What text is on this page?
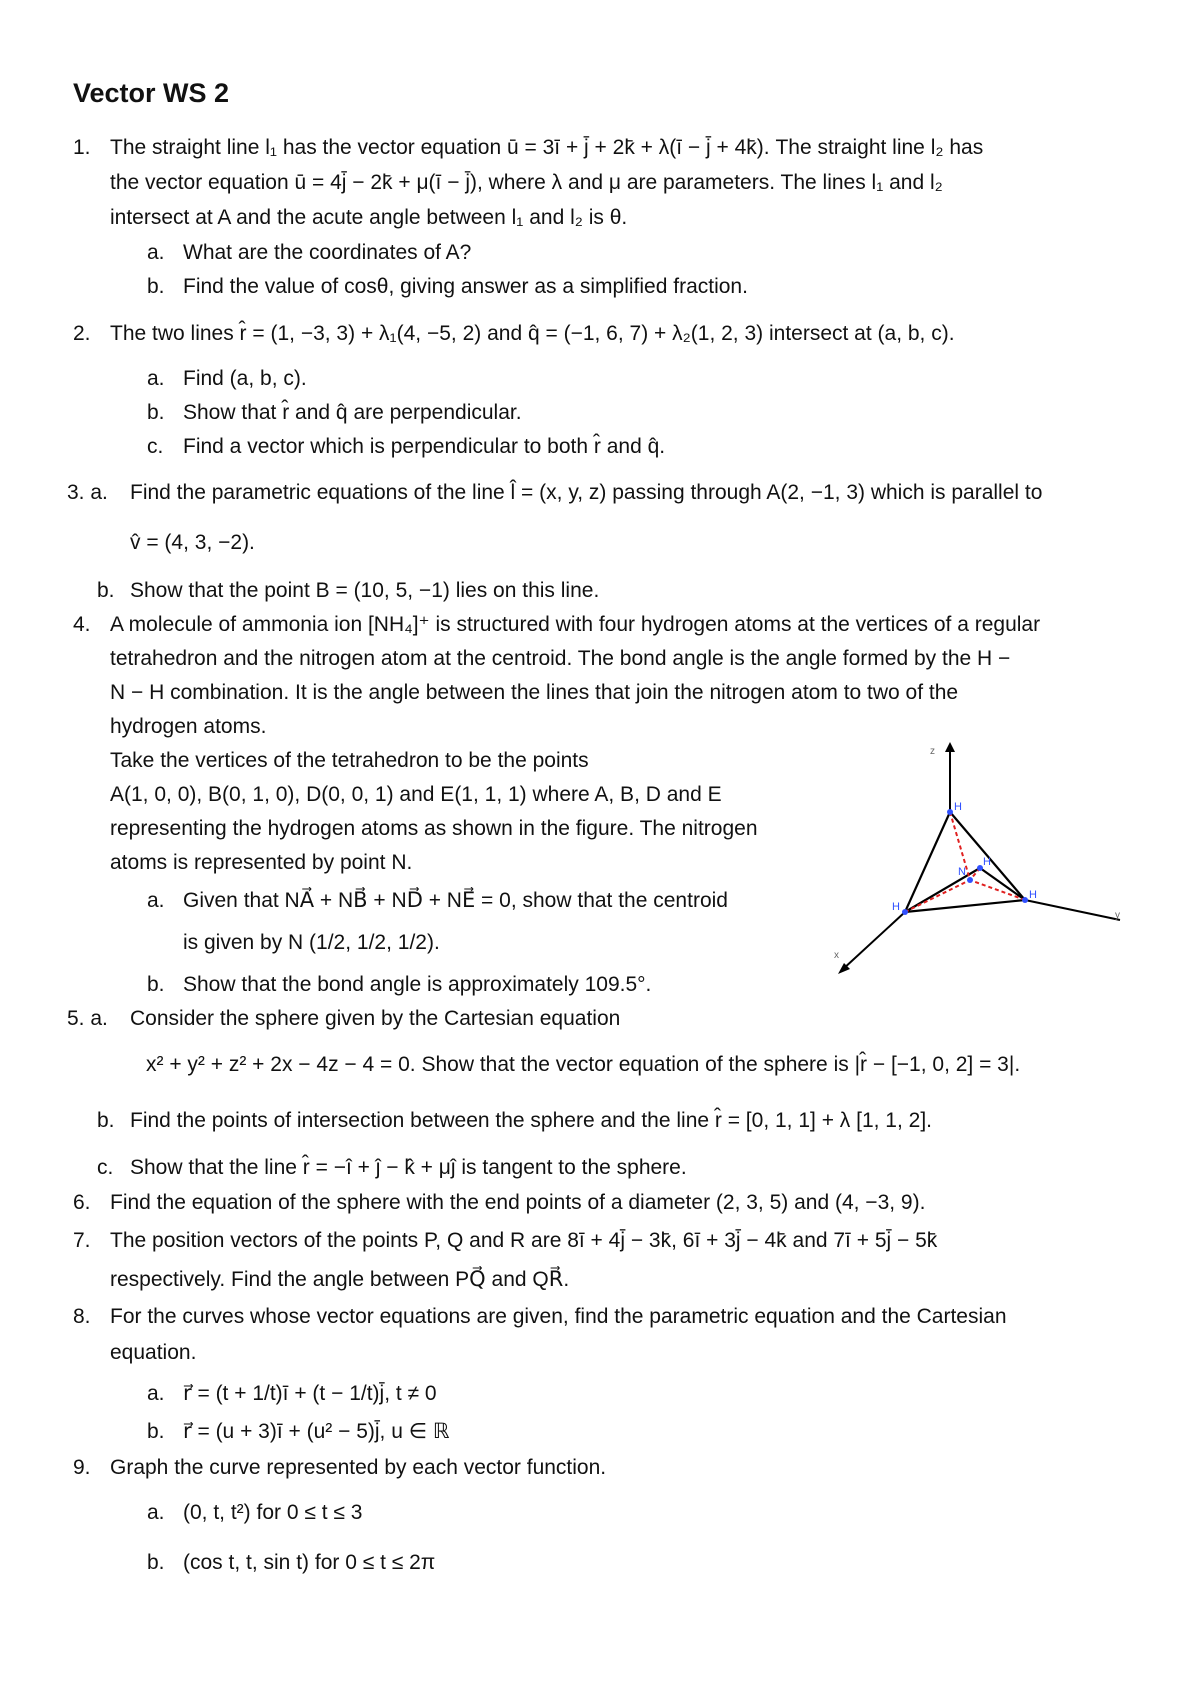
Vector WS 2
1. The straight line l₁ has the vector equation ū = 3ī + j̄ + 2k̄ + λ(ī − j̄ + 4k̄). The straight line l₂ has
the vector equation ū = 4j̄ − 2k̄ + μ(ī − j̄), where λ and μ are parameters. The lines l₁ and l₂
intersect at A and the acute angle between l₁ and l₂ is θ.
a. What are the coordinates of A?
b. Find the value of cosθ, giving answer as a simplified fraction.
2. The two lines r̂ = (1, −3, 3) + λ₁(4, −5, 2) and q̂ = (−1, 6, 7) + λ₂(1, 2, 3) intersect at (a, b, c).
a. Find (a, b, c).
b. Show that r̂ and q̂ are perpendicular.
c. Find a vector which is perpendicular to both r̂ and q̂.
3. a. Find the parametric equations of the line l̂ = (x, y, z) passing through A(2, −1, 3) which is parallel to
v̂ = (4, 3, −2).
b. Show that the point B = (10, 5, −1) lies on this line.
4. A molecule of ammonia ion [NH₄]⁺ is structured with four hydrogen atoms at the vertices of a regular
tetrahedron and the nitrogen atom at the centroid. The bond angle is the angle formed by the H −
N − H combination. It is the angle between the lines that join the nitrogen atom to two of the
hydrogen atoms.
Take the vertices of the tetrahedron to be the points
A(1, 0, 0), B(0, 1, 0), D(0, 0, 1) and E(1, 1, 1) where A, B, D and E
representing the hydrogen atoms as shown in the figure. The nitrogen
atoms is represented by point N.
a. Given that NA⃗ + NB⃗ + ND⃗ + NE⃗ = 0, show that the centroid
is given by N (1/2, 1/2, 1/2).
b. Show that the bond angle is approximately 109.5°.
z
y
x
H
H
H
N
H
5. a. Consider the sphere given by the Cartesian equation
x² + y² + z² + 2x − 4z − 4 = 0. Show that the vector equation of the sphere is |r̂ − [−1, 0, 2] = 3|.
b. Find the points of intersection between the sphere and the line r̂ = [0, 1, 1] + λ [1, 1, 2].
c. Show that the line r̂ = −î + ĵ − k̂ + μĵ is tangent to the sphere.
6. Find the equation of the sphere with the end points of a diameter (2, 3, 5) and (4, −3, 9).
7. The position vectors of the points P, Q and R are 8ī + 4j̄ − 3k̄, 6ī + 3j̄ − 4k̄ and 7ī + 5j̄ − 5k̄
respectively. Find the angle between PQ⃗ and QR⃗.
8. For the curves whose vector equations are given, find the parametric equation and the Cartesian
equation.
a. r⃗ = (t + 1/t)ī + (t − 1/t)j̄, t ≠ 0
b. r⃗ = (u + 3)ī + (u² − 5)j̄, u ∈ ℝ
9. Graph the curve represented by each vector function.
a. (0, t, t²) for 0 ≤ t ≤ 3
b. (cos t, t, sin t) for 0 ≤ t ≤ 2π
